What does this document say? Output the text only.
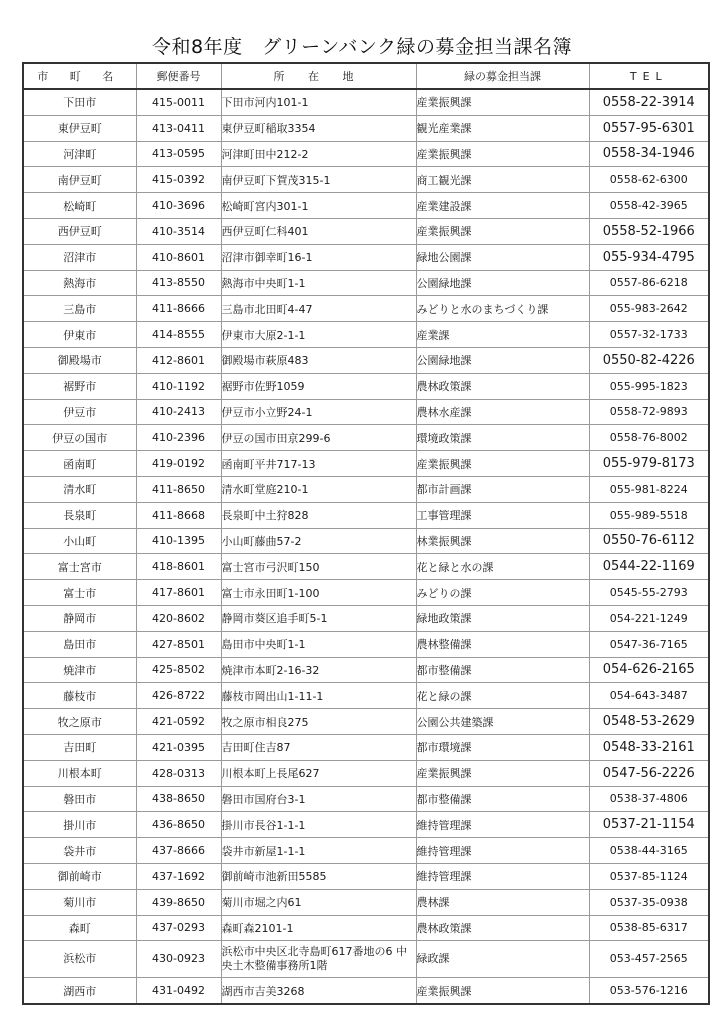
令和8年度　グリーンバンク緑の募金担当課名簿
市 町 名	郵便番号	所 在 地	緑の募金担当課	TEL
下田市	415-0011	下田市河内101-1	産業振興課	0558-22-3914
東伊豆町	413-0411	東伊豆町稲取3354	観光産業課	0557-95-6301
河津町	413-0595	河津町田中212-2	産業振興課	0558-34-1946
南伊豆町	415-0392	南伊豆町下賀茂315-1	商工観光課	0558-62-6300
松崎町	410-3696	松崎町宮内301-1	産業建設課	0558-42-3965
西伊豆町	410-3514	西伊豆町仁科401	産業振興課	0558-52-1966
沼津市	410-8601	沼津市御幸町16-1	緑地公園課	055-934-4795
熱海市	413-8550	熱海市中央町1-1	公園緑地課	0557-86-6218
三島市	411-8666	三島市北田町4-47	みどりと水のまちづくり課	055-983-2642
伊東市	414-8555	伊東市大原2-1-1	産業課	0557-32-1733
御殿場市	412-8601	御殿場市萩原483	公園緑地課	0550-82-4226
裾野市	410-1192	裾野市佐野1059	農林政策課	055-995-1823
伊豆市	410-2413	伊豆市小立野24-1	農林水産課	0558-72-9893
伊豆の国市	410-2396	伊豆の国市田京299-6	環境政策課	0558-76-8002
函南町	419-0192	函南町平井717-13	産業振興課	055-979-8173
清水町	411-8650	清水町堂庭210-1	都市計画課	055-981-8224
長泉町	411-8668	長泉町中土狩828	工事管理課	055-989-5518
小山町	410-1395	小山町藤曲57-2	林業振興課	0550-76-6112
富士宮市	418-8601	富士宮市弓沢町150	花と緑と水の課	0544-22-1169
富士市	417-8601	富士市永田町1-100	みどりの課	0545-55-2793
静岡市	420-8602	静岡市葵区追手町5-1	緑地政策課	054-221-1249
島田市	427-8501	島田市中央町1-1	農林整備課	0547-36-7165
焼津市	425-8502	焼津市本町2-16-32	都市整備課	054-626-2165
藤枝市	426-8722	藤枝市岡出山1-11-1	花と緑の課	054-643-3487
牧之原市	421-0592	牧之原市相良275	公園公共建築課	0548-53-2629
吉田町	421-0395	吉田町住吉87	都市環境課	0548-33-2161
川根本町	428-0313	川根本町上長尾627	産業振興課	0547-56-2226
磐田市	438-8650	磐田市国府台3-1	都市整備課	0538-37-4806
掛川市	436-8650	掛川市長谷1-1-1	維持管理課	0537-21-1154
袋井市	437-8666	袋井市新屋1-1-1	維持管理課	0538-44-3165
御前崎市	437-1692	御前崎市池新田5585	維持管理課	0537-85-1124
菊川市	439-8650	菊川市堀之内61	農林課	0537-35-0938
森町	437-0293	森町森2101-1	農林政策課	0538-85-6317
浜松市	430-0923	浜松市中央区北寺島町617番地の6 中央土木整備事務所1階	緑政課	053-457-2565
湖西市	431-0492	湖西市吉美3268	産業振興課	053-576-1216
